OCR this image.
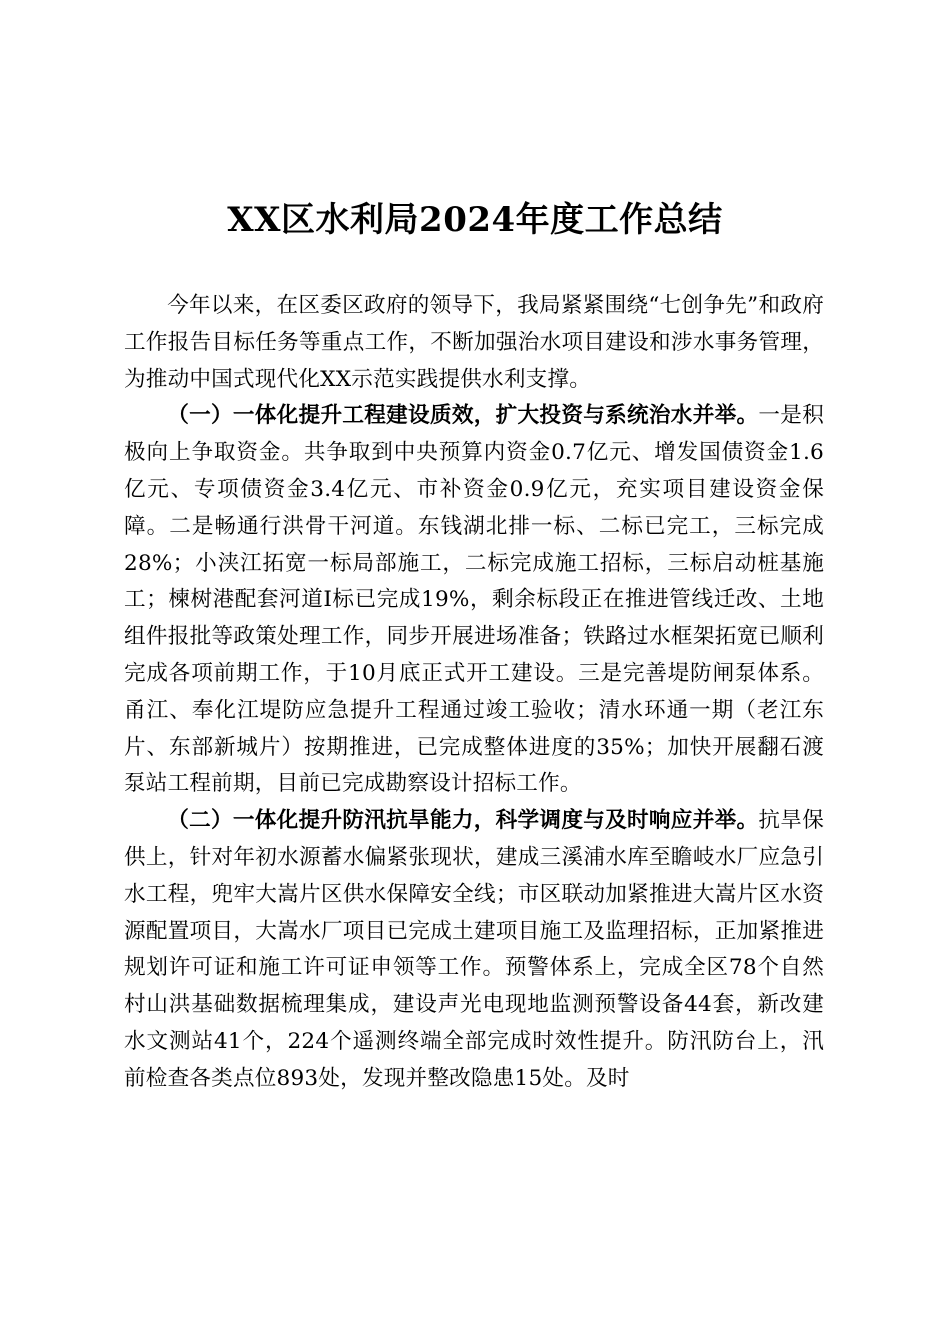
XX区水利局2024年度工作总结

今年以来，在区委区政府的领导下，我局紧紧围绕“七创争先”和政府工作报告目标任务等重点工作，不断加强治水项目建设和涉水事务管理，为推动中国式现代化XX示范实践提供水利支撑。

（一）一体化提升工程建设质效，扩大投资与系统治水并举。一是积极向上争取资金。共争取到中央预算内资金0.7亿元、增发国债资金1.6亿元、专项债资金3.4亿元、市补资金0.9亿元，充实项目建设资金保障。二是畅通行洪骨干河道。东钱湖北排一标、二标已完工，三标完成28%；小浃江拓宽一标局部施工，二标完成施工招标，三标启动桩基施工；楝树港配套河道Ⅰ标已完成19%，剩余标段正在推进管线迁改、土地组件报批等政策处理工作，同步开展进场准备；铁路过水框架拓宽已顺利完成各项前期工作，于10月底正式开工建设。三是完善堤防闸泵体系。甬江、奉化江堤防应急提升工程通过竣工验收；清水环通一期（老江东片、东部新城片）按期推进，已完成整体进度的35%；加快开展翻石渡泵站工程前期，目前已完成勘察设计招标工作。

（二）一体化提升防汛抗旱能力，科学调度与及时响应并举。抗旱保供上，针对年初水源蓄水偏紧张现状，建成三溪浦水库至瞻岐水厂应急引水工程，兜牢大嵩片区供水保障安全线；市区联动加紧推进大嵩片区水资源配置项目，大嵩水厂项目已完成土建项目施工及监理招标，正加紧推进规划许可证和施工许可证申领等工作。预警体系上，完成全区78个自然村山洪基础数据梳理集成，建设声光电现地监测预警设备44套，新改建水文测站41个，224个遥测终端全部完成时效性提升。防汛防台上，汛前检查各类点位893处，发现并整改隐患15处。及时
